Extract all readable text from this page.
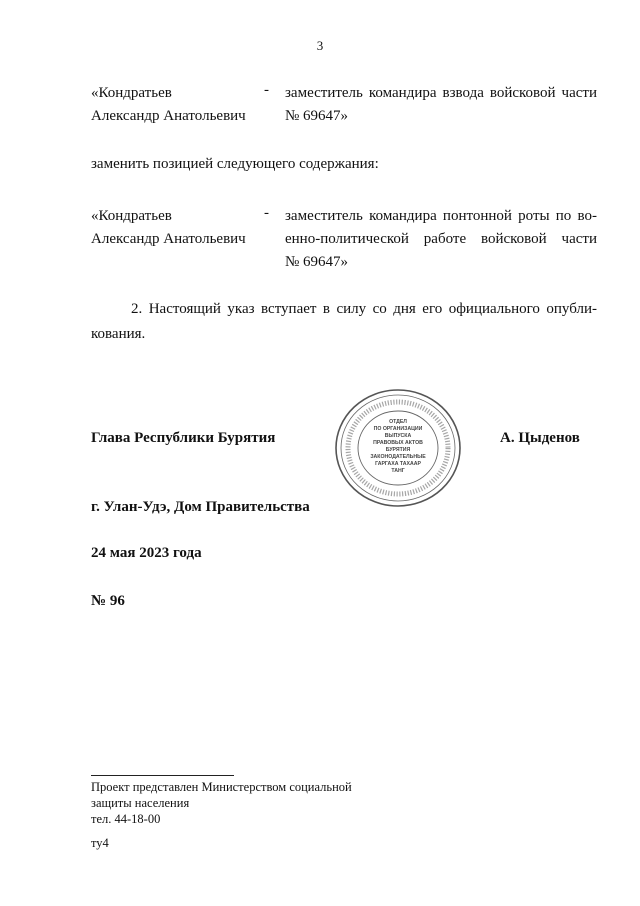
3
«Кондратьев
Александр Анатольевич
- заместитель командира взвода войсковой части
№ 69647»
заменить позицией следующего содержания:
«Кондратьев
Александр Анатольевич
- заместитель командира понтонной роты по во-
енно-политической работе войсковой части
№ 69647»
2. Настоящий указ вступает в силу со дня его официального опубли-
кования.
Глава Республики Бурятия	А. Цыденов
ОТДЕЛ
ПО ОРГАНИЗАЦИИ
ВЫПУСКА
ПРАВОВЫХ АКТОВ
БУРЯТИЯ
ЗАКОНОДАТЕЛЬНЫЕ
ГАРГАХА ТАХААР
ТАНГ
г. Улан-Удэ, Дом Правительства
24 мая 2023 года
№ 96
Проект представлен Министерством социальной
защиты населения
тел. 44-18-00
ту4
